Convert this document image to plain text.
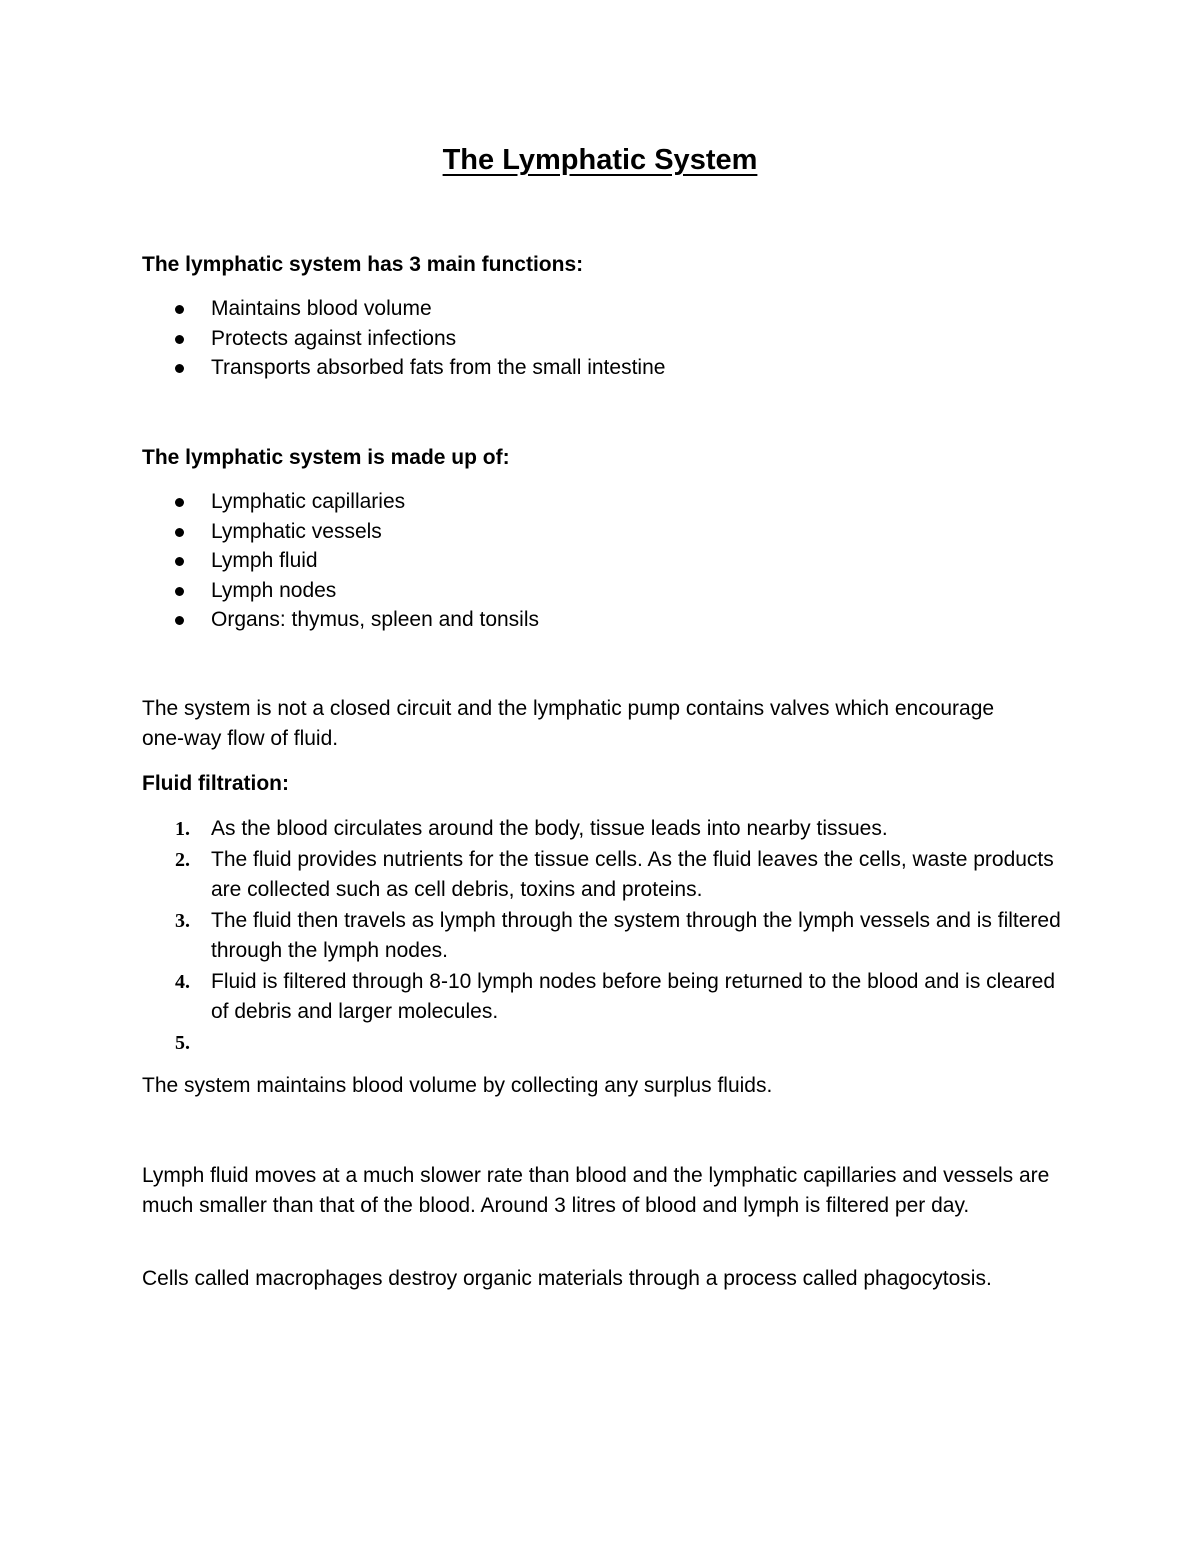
The Lymphatic System

The lymphatic system has 3 main functions:

Maintains blood volume
Protects against infections
Transports absorbed fats from the small intestine

The lymphatic system is made up of:

Lymphatic capillaries
Lymphatic vessels
Lymph fluid
Lymph nodes
Organs: thymus, spleen and tonsils

The system is not a closed circuit and the lymphatic pump contains valves which encourage one-way flow of fluid.

Fluid filtration:

1. As the blood circulates around the body, tissue leads into nearby tissues.
2. The fluid provides nutrients for the tissue cells. As the fluid leaves the cells, waste products are collected such as cell debris, toxins and proteins.
3. The fluid then travels as lymph through the system through the lymph vessels and is filtered through the lymph nodes.
4. Fluid is filtered through 8-10 lymph nodes before being returned to the blood and is cleared of debris and larger molecules.
5.

The system maintains blood volume by collecting any surplus fluids.

Lymph fluid moves at a much slower rate than blood and the lymphatic capillaries and vessels are much smaller than that of the blood. Around 3 litres of blood and lymph is filtered per day.

Cells called macrophages destroy organic materials through a process called phagocytosis.
